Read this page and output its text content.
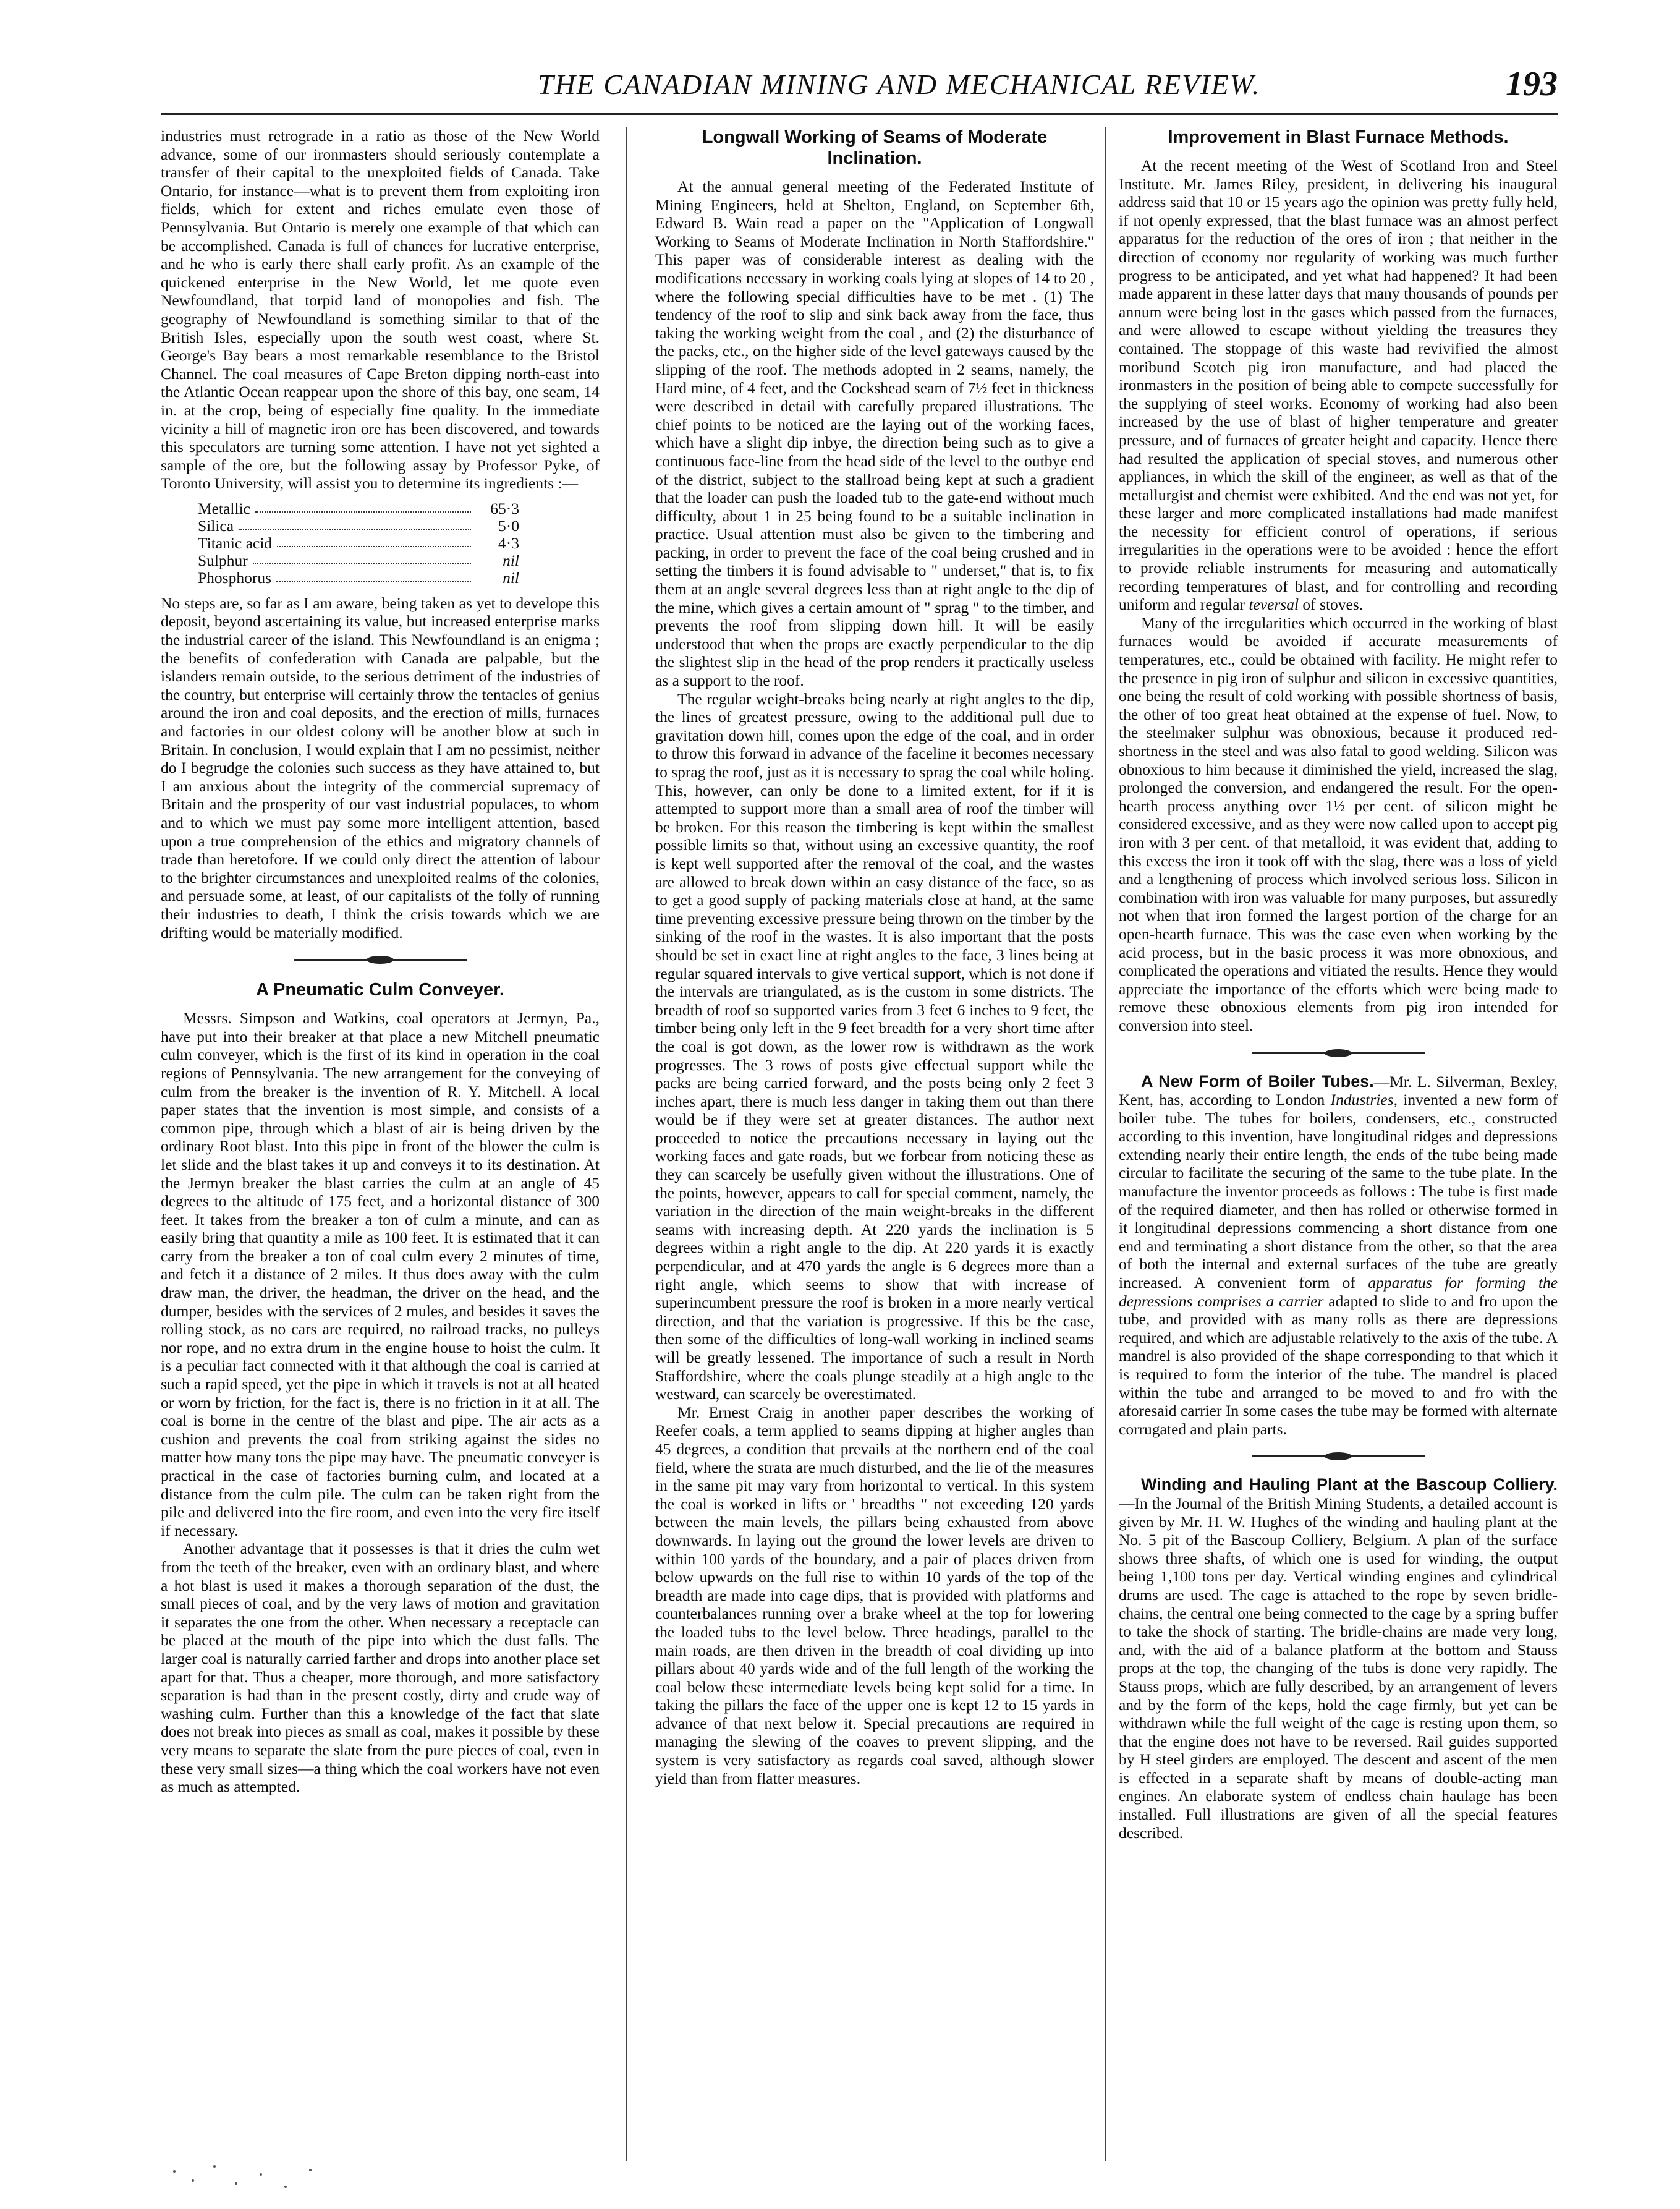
THE CANADIAN MINING AND MECHANICAL REVIEW.	193

industries must retrograde in a ratio as those of the New World advance, some of our ironmasters should seriously contemplate a transfer of their capital to the unexploited fields of Canada. Take Ontario, for instance—what is to prevent them from exploiting iron fields, which for extent and riches emulate even those of Pennsylvania. But Ontario is merely one example of that which can be accomplished. Canada is full of chances for lucrative enterprise, and he who is early there shall early profit. As an example of the quickened enterprise in the New World, let me quote even Newfoundland, that torpid land of monopolies and fish. The geography of Newfoundland is something similar to that of the British Isles, especially upon the south west coast, where St. George's Bay bears a most remarkable resemblance to the Bristol Channel. The coal measures of Cape Breton dipping north-east into the Atlantic Ocean reappear upon the shore of this bay, one seam, 14 in. at the crop, being of especially fine quality. In the immediate vicinity a hill of magnetic iron ore has been discovered, and towards this speculators are turning some attention. I have not yet sighted a sample of the ore, but the following assay by Professor Pyke, of Toronto University, will assist you to determine its ingredients :—

Metallic	65·3
Silica	5·0
Titanic acid	4·3
Sulphur	nil
Phosphorus	nil

No steps are, so far as I am aware, being taken as yet to develope this deposit, beyond ascertaining its value, but increased enterprise marks the industrial career of the island. This Newfoundland is an enigma ; the benefits of confederation with Canada are palpable, but the islanders remain outside, to the serious detriment of the industries of the country, but enterprise will certainly throw the tentacles of genius around the iron and coal deposits, and the erection of mills, furnaces and factories in our oldest colony will be another blow at such in Britain. In conclusion, I would explain that I am no pessimist, neither do I begrudge the colonies such success as they have attained to, but I am anxious about the integrity of the commercial supremacy of Britain and the prosperity of our vast industrial populaces, to whom and to which we must pay some more intelligent attention, based upon a true comprehension of the ethics and migratory channels of trade than heretofore. If we could only direct the attention of labour to the brighter circumstances and unexploited realms of the colonies, and persuade some, at least, of our capitalists of the folly of running their industries to death, I think the crisis towards which we are drifting would be materially modified.

A Pneumatic Culm Conveyer.

Messrs. Simpson and Watkins, coal operators at Jermyn, Pa., have put into their breaker at that place a new Mitchell pneumatic culm conveyer, which is the first of its kind in operation in the coal regions of Pennsylvania. The new arrangement for the conveying of culm from the breaker is the invention of R. Y. Mitchell. A local paper states that the invention is most simple, and consists of a common pipe, through which a blast of air is being driven by the ordinary Root blast. Into this pipe in front of the blower the culm is let slide and the blast takes it up and conveys it to its destination. At the Jermyn breaker the blast carries the culm at an angle of 45 degrees to the altitude of 175 feet, and a horizontal distance of 300 feet. It takes from the breaker a ton of culm a minute, and can as easily bring that quantity a mile as 100 feet. It is estimated that it can carry from the breaker a ton of coal culm every 2 minutes of time, and fetch it a distance of 2 miles. It thus does away with the culm draw man, the driver, the headman, the driver on the head, and the dumper, besides with the services of 2 mules, and besides it saves the rolling stock, as no cars are required, no railroad tracks, no pulleys nor rope, and no extra drum in the engine house to hoist the culm. It is a peculiar fact connected with it that although the coal is carried at such a rapid speed, yet the pipe in which it travels is not at all heated or worn by friction, for the fact is, there is no friction in it at all. The coal is borne in the centre of the blast and pipe. The air acts as a cushion and prevents the coal from striking against the sides no matter how many tons the pipe may have. The pneumatic conveyer is practical in the case of factories burning culm, and located at a distance from the culm pile. The culm can be taken right from the pile and delivered into the fire room, and even into the very fire itself if necessary.

Another advantage that it possesses is that it dries the culm wet from the teeth of the breaker, even with an ordinary blast, and where a hot blast is used it makes a thorough separation of the dust, the small pieces of coal, and by the very laws of motion and gravitation it separates the one from the other. When necessary a receptacle can be placed at the mouth of the pipe into which the dust falls. The larger coal is naturally carried farther and drops into another place set apart for that. Thus a cheaper, more thorough, and more satisfactory separation is had than in the present costly, dirty and crude way of washing culm. Further than this a knowledge of the fact that slate does not break into pieces as small as coal, makes it possible by these very means to separate the slate from the pure pieces of coal, even in these very small sizes—a thing which the coal workers have not even as much as attempted.

Longwall Working of Seams of Moderate Inclination.

At the annual general meeting of the Federated Institute of Mining Engineers, held at Shelton, England, on September 6th, Edward B. Wain read a paper on the "Application of Longwall Working to Seams of Moderate Inclination in North Staffordshire." This paper was of considerable interest as dealing with the modifications necessary in working coals lying at slopes of 14 to 20 , where the following special difficulties have to be met . (1) The tendency of the roof to slip and sink back away from the face, thus taking the working weight from the coal , and (2) the disturbance of the packs, etc., on the higher side of the level gateways caused by the slipping of the roof. The methods adopted in 2 seams, namely, the Hard mine, of 4 feet, and the Cockshead seam of 7½ feet in thickness were described in detail with carefully prepared illustrations. The chief points to be noticed are the laying out of the working faces, which have a slight dip inbye, the direction being such as to give a continuous face-line from the head side of the level to the outbye end of the district, subject to the stallroad being kept at such a gradient that the loader can push the loaded tub to the gate-end without much difficulty, about 1 in 25 being found to be a suitable inclination in practice. Usual attention must also be given to the timbering and packing, in order to prevent the face of the coal being crushed and in setting the timbers it is found advisable to " underset," that is, to fix them at an angle several degrees less than at right angle to the dip of the mine, which gives a certain amount of " sprag " to the timber, and prevents the roof from slipping down hill. It will be easily understood that when the props are exactly perpendicular to the dip the slightest slip in the head of the prop renders it practically useless as a support to the roof.

The regular weight-breaks being nearly at right angles to the dip, the lines of greatest pressure, owing to the additional pull due to gravitation down hill, comes upon the edge of the coal, and in order to throw this forward in advance of the faceline it becomes necessary to sprag the roof, just as it is necessary to sprag the coal while holing. This, however, can only be done to a limited extent, for if it is attempted to support more than a small area of roof the timber will be broken. For this reason the timbering is kept within the smallest possible limits so that, without using an excessive quantity, the roof is kept well supported after the removal of the coal, and the wastes are allowed to break down within an easy distance of the face, so as to get a good supply of packing materials close at hand, at the same time preventing excessive pressure being thrown on the timber by the sinking of the roof in the wastes. It is also important that the posts should be set in exact line at right angles to the face, 3 lines being at regular squared intervals to give vertical support, which is not done if the intervals are triangulated, as is the custom in some districts. The breadth of roof so supported varies from 3 feet 6 inches to 9 feet, the timber being only left in the 9 feet breadth for a very short time after the coal is got down, as the lower row is withdrawn as the work progresses. The 3 rows of posts give effectual support while the packs are being carried forward, and the posts being only 2 feet 3 inches apart, there is much less danger in taking them out than there would be if they were set at greater distances. The author next proceeded to notice the precautions necessary in laying out the working faces and gate roads, but we forbear from noticing these as they can scarcely be usefully given without the illustrations. One of the points, however, appears to call for special comment, namely, the variation in the direction of the main weight-breaks in the different seams with increasing depth. At 220 yards the inclination is 5 degrees within a right angle to the dip. At 220 yards it is exactly perpendicular, and at 470 yards the angle is 6 degrees more than a right angle, which seems to show that with increase of superincumbent pressure the roof is broken in a more nearly vertical direction, and that the variation is progressive. If this be the case, then some of the difficulties of long-wall working in inclined seams will be greatly lessened. The importance of such a result in North Staffordshire, where the coals plunge steadily at a high angle to the westward, can scarcely be overestimated.

Mr. Ernest Craig in another paper describes the working of Reefer coals, a term applied to seams dipping at higher angles than 45 degrees, a condition that prevails at the northern end of the coal field, where the strata are much disturbed, and the lie of the measures in the same pit may vary from horizontal to vertical. In this system the coal is worked in lifts or ' breadths " not exceeding 120 yards between the main levels, the pillars being exhausted from above downwards. In laying out the ground the lower levels are driven to within 100 yards of the boundary, and a pair of places driven from below upwards on the full rise to within 10 yards of the top of the breadth are made into cage dips, that is provided with platforms and counterbalances running over a brake wheel at the top for lowering the loaded tubs to the level below. Three headings, parallel to the main roads, are then driven in the breadth of coal dividing up into pillars about 40 yards wide and of the full length of the working the coal below these intermediate levels being kept solid for a time. In taking the pillars the face of the upper one is kept 12 to 15 yards in advance of that next below it. Special precautions are required in managing the slewing of the coaves to prevent slipping, and the system is very satisfactory as regards coal saved, although slower yield than from flatter measures.

Improvement in Blast Furnace Methods.

At the recent meeting of the West of Scotland Iron and Steel Institute. Mr. James Riley, president, in delivering his inaugural address said that 10 or 15 years ago the opinion was pretty fully held, if not openly expressed, that the blast furnace was an almost perfect apparatus for the reduction of the ores of iron ; that neither in the direction of economy nor regularity of working was much further progress to be anticipated, and yet what had happened? It had been made apparent in these latter days that many thousands of pounds per annum were being lost in the gases which passed from the furnaces, and were allowed to escape without yielding the treasures they contained. The stoppage of this waste had revivified the almost moribund Scotch pig iron manufacture, and had placed the ironmasters in the position of being able to compete successfully for the supplying of steel works. Economy of working had also been increased by the use of blast of higher temperature and greater pressure, and of furnaces of greater height and capacity. Hence there had resulted the application of special stoves, and numerous other appliances, in which the skill of the engineer, as well as that of the metallurgist and chemist were exhibited. And the end was not yet, for these larger and more complicated installations had made manifest the necessity for efficient control of operations, if serious irregularities in the operations were to be avoided : hence the effort to provide reliable instruments for measuring and automatically recording temperatures of blast, and for controlling and recording uniform and regular teversal of stoves.

Many of the irregularities which occurred in the working of blast furnaces would be avoided if accurate measurements of temperatures, etc., could be obtained with facility. He might refer to the presence in pig iron of sulphur and silicon in excessive quantities, one being the result of cold working with possible shortness of basis, the other of too great heat obtained at the expense of fuel. Now, to the steelmaker sulphur was obnoxious, because it produced red-shortness in the steel and was also fatal to good welding. Silicon was obnoxious to him because it diminished the yield, increased the slag, prolonged the conversion, and endangered the result. For the open-hearth process anything over 1½ per cent. of silicon might be considered excessive, and as they were now called upon to accept pig iron with 3 per cent. of that metalloid, it was evident that, adding to this excess the iron it took off with the slag, there was a loss of yield and a lengthening of process which involved serious loss. Silicon in combination with iron was valuable for many purposes, but assuredly not when that iron formed the largest portion of the charge for an open-hearth furnace. This was the case even when working by the acid process, but in the basic process it was more obnoxious, and complicated the operations and vitiated the results. Hence they would appreciate the importance of the efforts which were being made to remove these obnoxious elements from pig iron intended for conversion into steel.

A New Form of Boiler Tubes.—Mr. L. Silverman, Bexley, Kent, has, according to London Industries, invented a new form of boiler tube. The tubes for boilers, condensers, etc., constructed according to this invention, have longitudinal ridges and depressions extending nearly their entire length, the ends of the tube being made circular to facilitate the securing of the same to the tube plate. In the manufacture the inventor proceeds as follows : The tube is first made of the required diameter, and then has rolled or otherwise formed in it longitudinal depressions commencing a short distance from one end and terminating a short distance from the other, so that the area of both the internal and external surfaces of the tube are greatly increased. A convenient form of apparatus for forming the depressions comprises a carrier adapted to slide to and fro upon the tube, and provided with as many rolls as there are depressions required, and which are adjustable relatively to the axis of the tube. A mandrel is also provided of the shape corresponding to that which it is required to form the interior of the tube. The mandrel is placed within the tube and arranged to be moved to and fro with the aforesaid carrier In some cases the tube may be formed with alternate corrugated and plain parts.

Winding and Hauling Plant at the Bascoup Colliery.—In the Journal of the British Mining Students, a detailed account is given by Mr. H. W. Hughes of the winding and hauling plant at the No. 5 pit of the Bascoup Colliery, Belgium. A plan of the surface shows three shafts, of which one is used for winding, the output being 1,100 tons per day. Vertical winding engines and cylindrical drums are used. The cage is attached to the rope by seven bridle-chains, the central one being connected to the cage by a spring buffer to take the shock of starting. The bridle-chains are made very long, and, with the aid of a balance platform at the bottom and Stauss props at the top, the changing of the tubs is done very rapidly. The Stauss props, which are fully described, by an arrangement of levers and by the form of the keps, hold the cage firmly, but yet can be withdrawn while the full weight of the cage is resting upon them, so that the engine does not have to be reversed. Rail guides supported by H steel girders are employed. The descent and ascent of the men is effected in a separate shaft by means of double-acting man engines. An elaborate system of endless chain haulage has been installed. Full illustrations are given of all the special features described.
